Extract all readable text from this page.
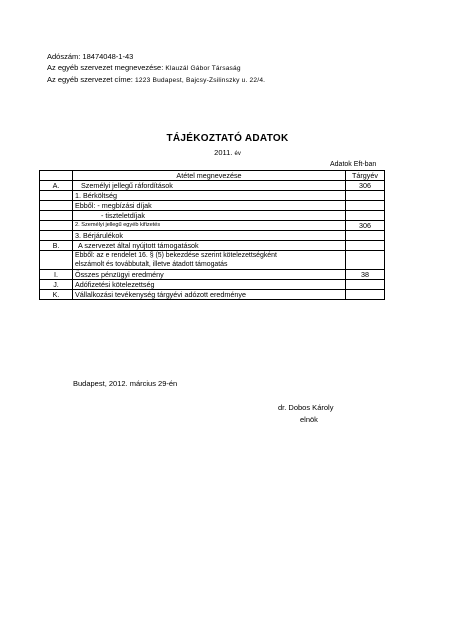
Adószám: 18474048-1-43
Az egyéb szervezet megnevezése: Klauzál Gábor Társaság
Az egyéb szervezet címe: 1223 Budapest, Bajcsy-Zsilinszky u. 22/4.
TÁJÉKOZTATÓ ADATOK
2011. év
Adatok Eft-ban
	Atétel megnevezése	Tárgyév
A.	Személyi jellegű ráfordítások	306
	1. Bérköltség	
	Ebből: - megbízási díjak	
	- tiszteletdíjak	
	2. Személyi jellegű egyéb kifizetés	306
	3. Bérjárulékok	
B.	A szervezet által nyújtott támogatások	

	Ebből: az e rendelet 16. § (5) bekezdése szerint kötelezettségként
elszámolt és továbbutalt, illetve átadott támogatás	

I.	Összes pénzügyi eredmény	38
J.	Adófizetési kötelezettség	
K.	Vállalkozási tevékenység tárgyévi adózott eredménye	
Budapest, 2012. március 29-én
dr. Dobos Károly
elnök
